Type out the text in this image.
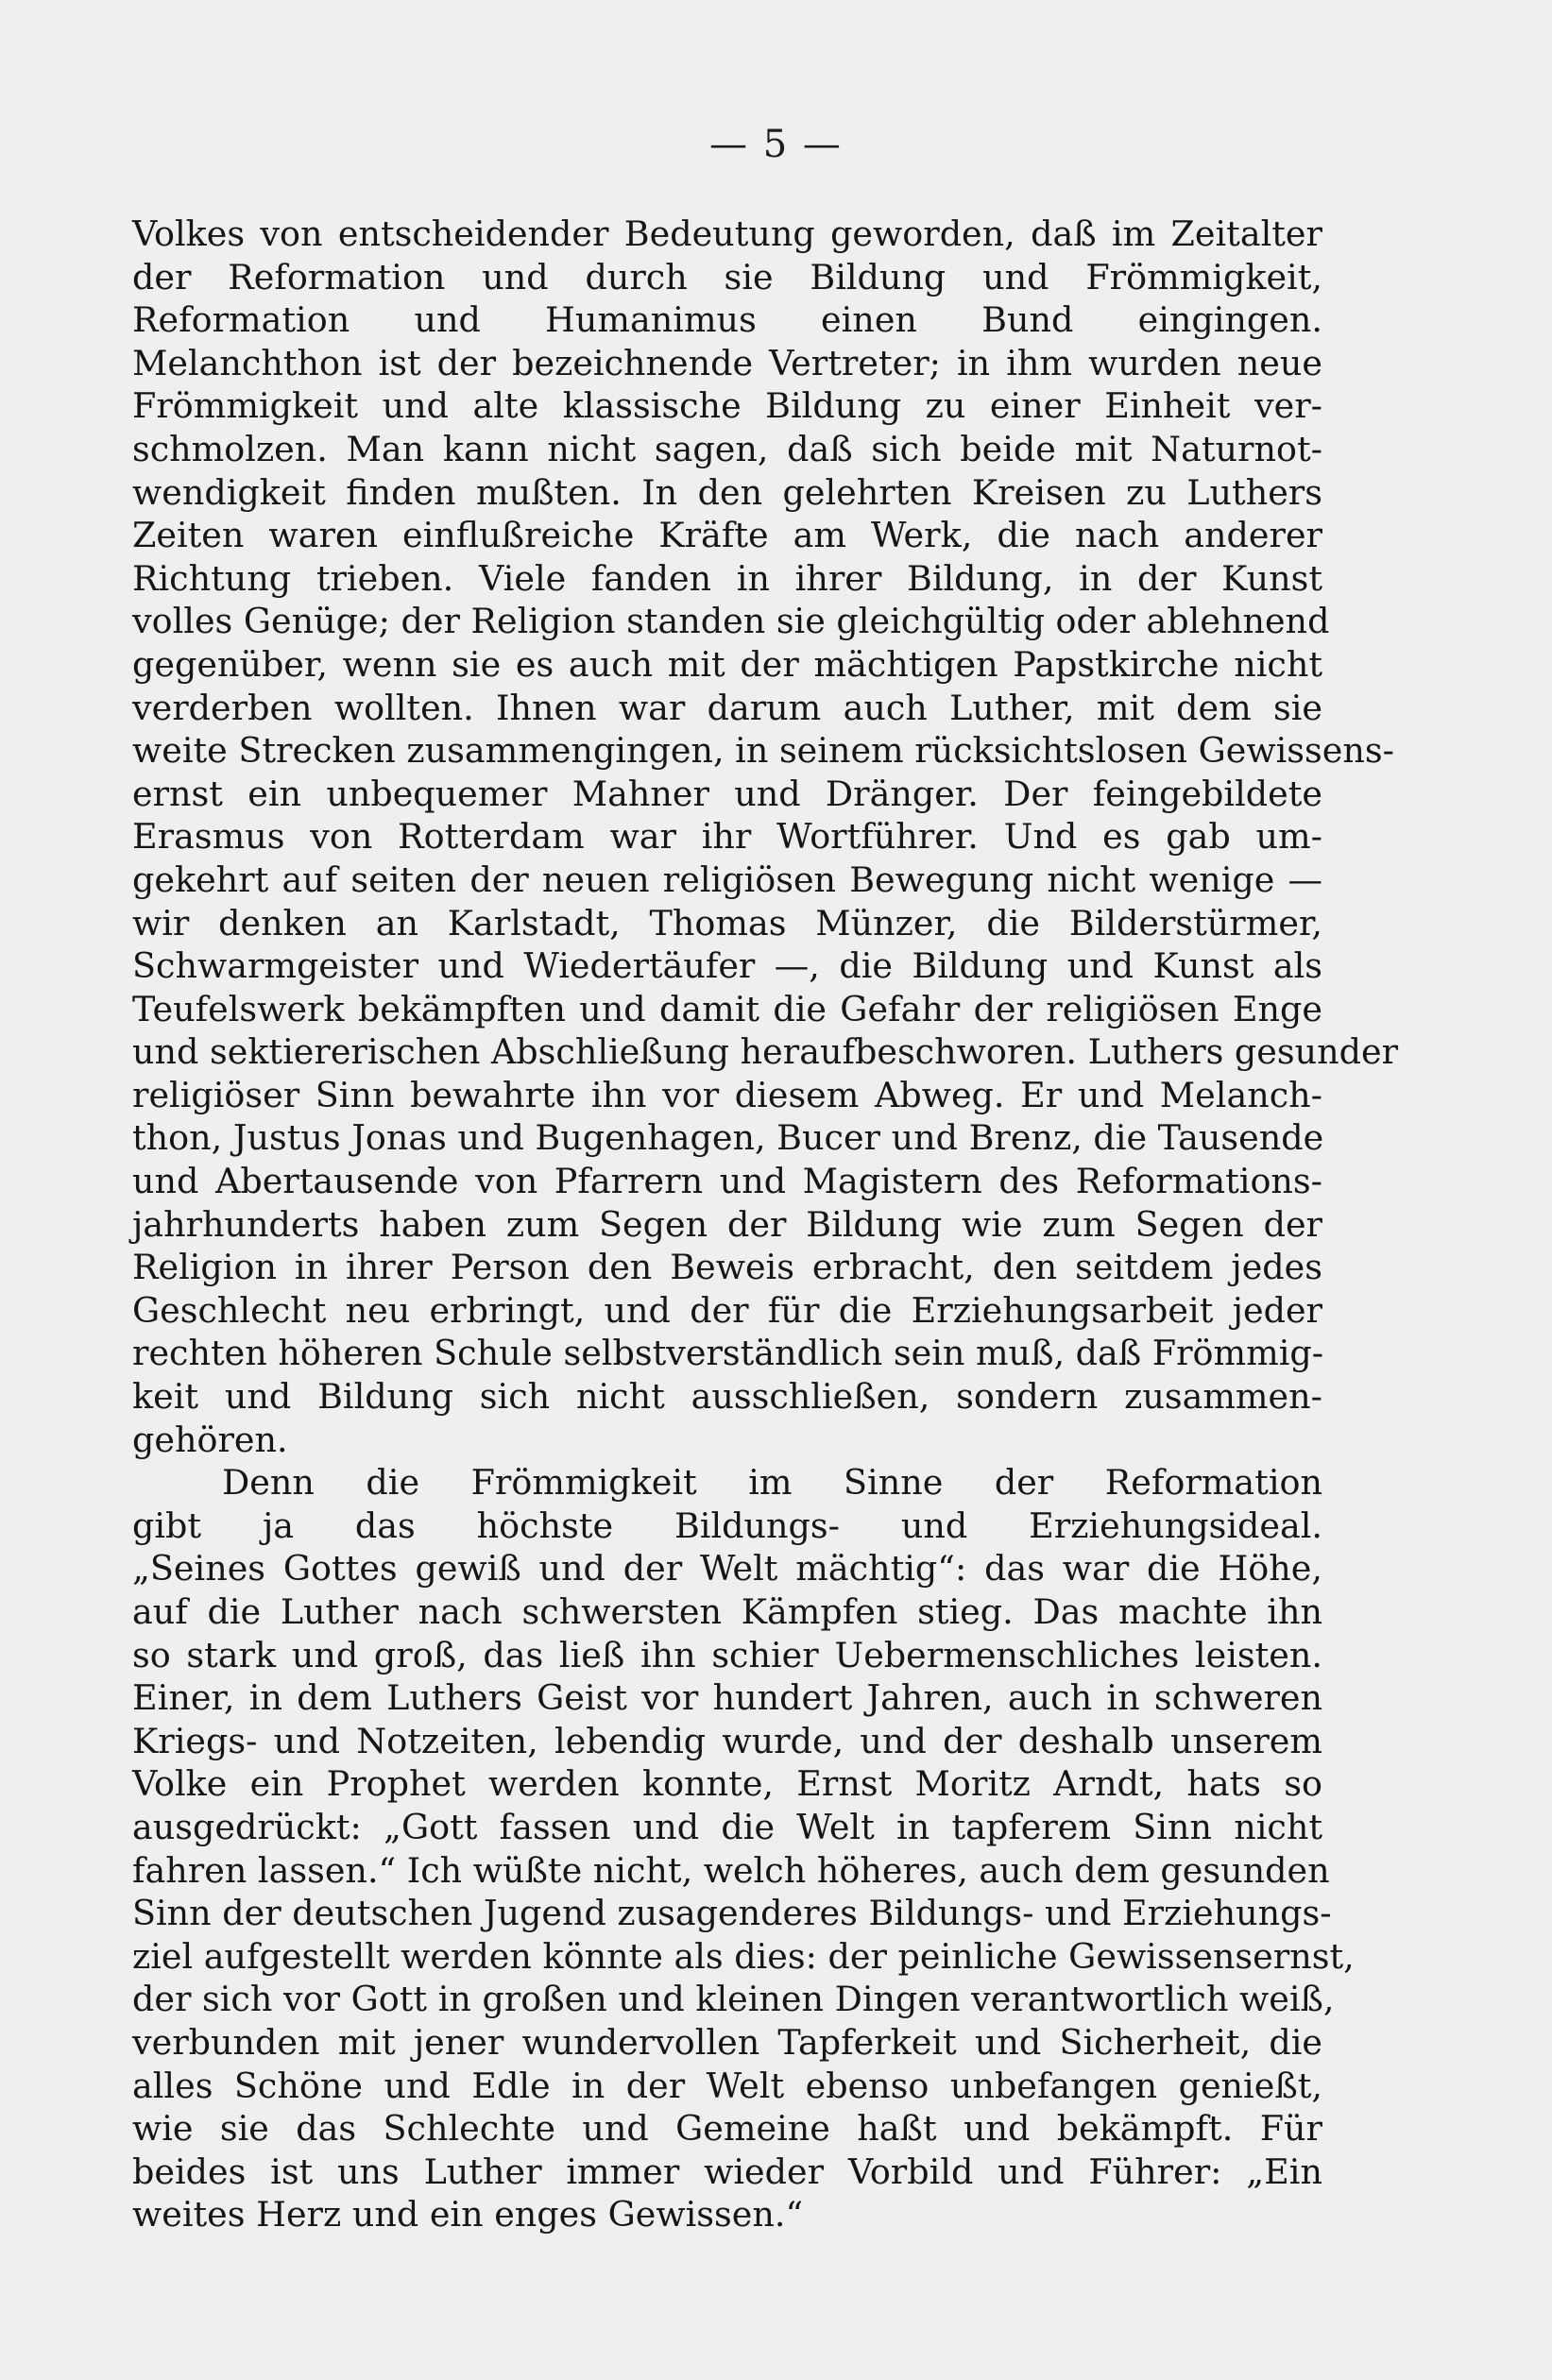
— 5 —
Volkes von entscheidender Bedeutung geworden, daß im Zeitalter
der Reformation und durch sie Bildung und Frömmigkeit,
Reformation und Humanimus einen Bund eingingen.
Melanchthon ist der bezeichnende Vertreter; in ihm wurden neue
Frömmigkeit und alte klassische Bildung zu einer Einheit ver-
schmolzen. Man kann nicht sagen, daß sich beide mit Naturnot-
wendigkeit finden mußten. In den gelehrten Kreisen zu Luthers
Zeiten waren einflußreiche Kräfte am Werk, die nach anderer
Richtung trieben. Viele fanden in ihrer Bildung, in der Kunst
volles Genüge; der Religion standen sie gleichgültig oder ablehnend
gegenüber, wenn sie es auch mit der mächtigen Papstkirche nicht
verderben wollten. Ihnen war darum auch Luther, mit dem sie
weite Strecken zusammengingen, in seinem rücksichtslosen Gewissens-
ernst ein unbequemer Mahner und Dränger. Der feingebildete
Erasmus von Rotterdam war ihr Wortführer. Und es gab um-
gekehrt auf seiten der neuen religiösen Bewegung nicht wenige —
wir denken an Karlstadt, Thomas Münzer, die Bilderstürmer,
Schwarmgeister und Wiedertäufer —, die Bildung und Kunst als
Teufelswerk bekämpften und damit die Gefahr der religiösen Enge
und sektiererischen Abschließung heraufbeschworen. Luthers gesunder
religiöser Sinn bewahrte ihn vor diesem Abweg. Er und Melanch-
thon, Justus Jonas und Bugenhagen, Bucer und Brenz, die Tausende
und Abertausende von Pfarrern und Magistern des Reformations-
jahrhunderts haben zum Segen der Bildung wie zum Segen der
Religion in ihrer Person den Beweis erbracht, den seitdem jedes
Geschlecht neu erbringt, und der für die Erziehungsarbeit jeder
rechten höheren Schule selbstverständlich sein muß, daß Frömmig-
keit und Bildung sich nicht ausschließen, sondern zusammen-
gehören.
Denn die Frömmigkeit im Sinne der Reformation
gibt ja das höchste Bildungs- und Erziehungsideal.
„Seines Gottes gewiß und der Welt mächtig“: das war die Höhe,
auf die Luther nach schwersten Kämpfen stieg. Das machte ihn
so stark und groß, das ließ ihn schier Uebermenschliches leisten.
Einer, in dem Luthers Geist vor hundert Jahren, auch in schweren
Kriegs- und Notzeiten, lebendig wurde, und der deshalb unserem
Volke ein Prophet werden konnte, Ernst Moritz Arndt, hats so
ausgedrückt: „Gott fassen und die Welt in tapferem Sinn nicht
fahren lassen.“ Ich wüßte nicht, welch höheres, auch dem gesunden
Sinn der deutschen Jugend zusagenderes Bildungs- und Erziehungs-
ziel aufgestellt werden könnte als dies: der peinliche Gewissensernst,
der sich vor Gott in großen und kleinen Dingen verantwortlich weiß,
verbunden mit jener wundervollen Tapferkeit und Sicherheit, die
alles Schöne und Edle in der Welt ebenso unbefangen genießt,
wie sie das Schlechte und Gemeine haßt und bekämpft. Für
beides ist uns Luther immer wieder Vorbild und Führer: „Ein
weites Herz und ein enges Gewissen.“
